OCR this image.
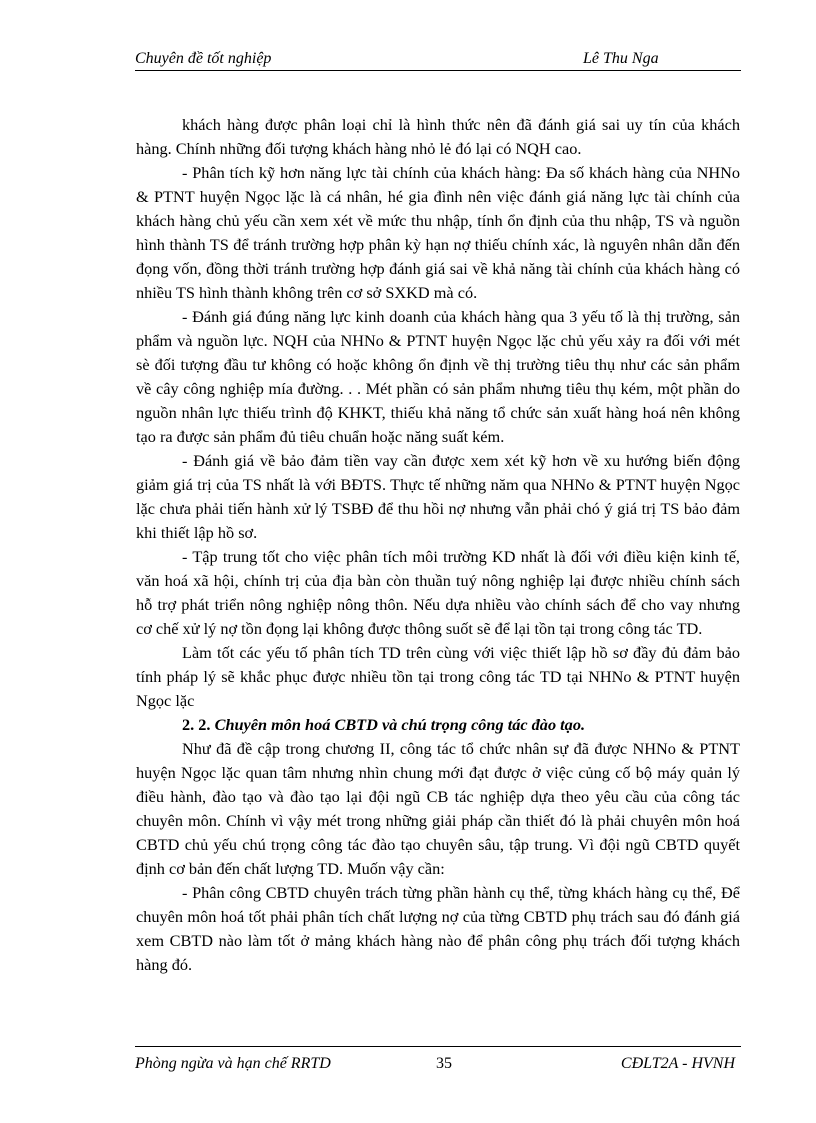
Chuyên đề tốt nghiệp	Lê Thu Nga

khách hàng được phân loại chỉ là hình thức nên đã đánh giá sai uy tín của khách hàng. Chính những đối tượng khách hàng nhỏ lẻ đó lại có NQH cao.

- Phân tích kỹ hơn năng lực tài chính của khách hàng: Đa số khách hàng của NHNo & PTNT huyện Ngọc lặc là cá nhân, hé gia đình nên việc đánh giá năng lực tài chính của khách hàng chủ yếu cần xem xét về mức thu nhập, tính ổn định của thu nhập, TS và nguồn hình thành TS để tránh trường hợp phân kỳ hạn nợ thiếu chính xác, là nguyên nhân dẫn đến đọng vốn, đồng thời tránh trường hợp đánh giá sai về khả năng tài chính của khách hàng có nhiều TS hình thành không trên cơ sở SXKD mà có.

- Đánh giá đúng năng lực kinh doanh của khách hàng qua 3 yếu tố là thị trường, sản phẩm và nguồn lực. NQH của NHNo & PTNT huyện Ngọc lặc chủ yếu xảy ra đối với mét sè đối tượng đầu tư không có hoặc không ổn định về thị trường tiêu thụ như các sản phẩm về cây công nghiệp mía đường. . . Mét phần có sản phẩm nhưng tiêu thụ kém, một phần do nguồn nhân lực thiếu trình độ KHKT, thiếu khả năng tổ chức sản xuất hàng hoá nên không tạo ra được sản phẩm đủ tiêu chuẩn hoặc năng suất kém.

- Đánh giá về bảo đảm tiền vay cần được xem xét kỹ hơn về xu hướng biến động giảm giá trị của TS nhất là với BĐTS. Thực tế những năm qua NHNo & PTNT huyện Ngọc lặc chưa phải tiến hành xử lý TSBĐ để thu hồi nợ nhưng vẫn phải chó ý giá trị TS bảo đảm khi thiết lập hồ sơ.

- Tập trung tốt cho việc phân tích môi trường KD nhất là đối với điều kiện kinh tế, văn hoá xã hội, chính trị của địa bàn còn thuần tuý nông nghiệp lại được nhiều chính sách hỗ trợ phát triển nông nghiệp nông thôn. Nếu dựa nhiều vào chính sách để cho vay nhưng cơ chế xử lý nợ tồn đọng lại không được thông suốt sẽ để lại tồn tại trong công tác TD.

Làm tốt các yếu tố phân tích TD trên cùng với việc thiết lập hồ sơ đầy đủ đảm bảo tính pháp lý sẽ khắc phục được nhiều tồn tại trong công tác TD tại NHNo & PTNT huyện Ngọc lặc

2. 2. Chuyên môn hoá CBTD và chú trọng công tác đào tạo.

Như đã đề cập trong chương II, công tác tổ chức nhân sự đã được NHNo & PTNT huyện Ngọc lặc quan tâm nhưng nhìn chung mới đạt được ở việc củng cố bộ máy quản lý điều hành, đào tạo và đào tạo lại đội ngũ CB tác nghiệp dựa theo yêu cầu của công tác chuyên môn. Chính vì vậy mét trong những giải pháp cần thiết đó là phải chuyên môn hoá CBTD chủ yếu chú trọng công tác đào tạo chuyên sâu, tập trung. Vì đội ngũ CBTD quyết định cơ bản đến chất lượng TD. Muốn vậy cần:

- Phân công CBTD chuyên trách từng phần hành cụ thể, từng khách hàng cụ thể, Để chuyên môn hoá tốt phải phân tích chất lượng nợ của từng CBTD phụ trách sau đó đánh giá xem CBTD nào làm tốt ở mảng khách hàng nào để phân công phụ trách đối tượng khách hàng đó.

Phòng ngừa và hạn chế RRTD	35	CĐLT2A - HVNH
